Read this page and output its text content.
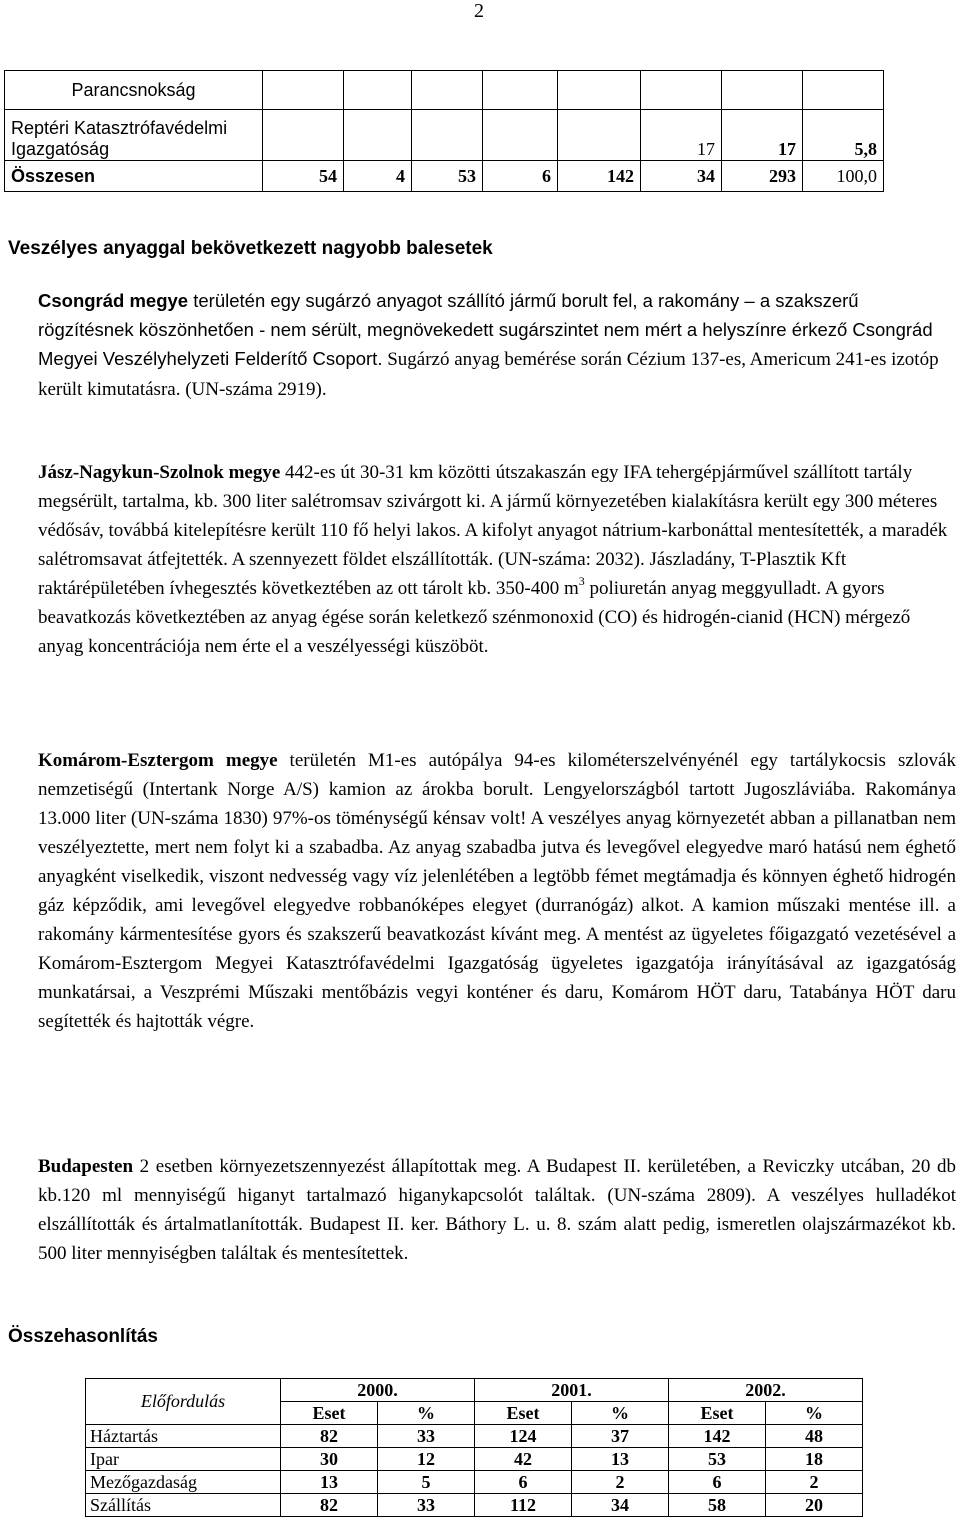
2
Parancsnokság								
Reptéri Katasztrófavédelmi Igazgatóság						17	17	5,8
Összesen	54	4	53	6	142	34	293	100,0
Veszélyes anyaggal bekövetkezett nagyobb balesetek
Csongrád megye területén egy sugárzó anyagot szállító jármű borult fel, a rakomány – a szakszerű rögzítésnek köszönhetően - nem sérült, megnövekedett sugárszintet nem mért a helyszínre érkező Csongrád Megyei Veszélyhelyzeti Felderítő Csoport. Sugárzó anyag bemérése során Cézium 137-es, Americum 241-es izotóp került kimutatásra. (UN-száma 2919).
Jász-Nagykun-Szolnok megye 442-es út 30-31 km közötti útszakaszán egy IFA tehergépjárművel szállított tartály megsérült, tartalma, kb. 300 liter salétromsav szivárgott ki. A jármű környezetében kialakításra került egy 300 méteres védősáv, továbbá kitelepítésre került 110 fő helyi lakos. A kifolyt anyagot nátrium-karbonáttal mentesítették, a maradék salétromsavat átfejtették. A szennyezett földet elszállították. (UN-száma: 2032). Jászladány, T-Plasztik Kft raktárépületében ívhegesztés következtében az ott tárolt kb. 350-400 $m^3$ poliuretán anyag meggyulladt. A gyors beavatkozás következtében az anyag égése során keletkező szénmonoxid (CO) és hidrogén-cianid (HCN) mérgező anyag koncentrációja nem érte el a veszélyességi küszöböt.
Komárom-Esztergom megye területén M1-es autópálya 94-es kilométerszelvényénél egy tartálykocsis szlovák nemzetiségű (Intertank Norge A/S) kamion az árokba borult. Lengyelországból tartott Jugoszláviába. Rakománya 13.000 liter (UN-száma 1830) 97%-os töménységű kénsav volt! A veszélyes anyag környezetét abban a pillanatban nem veszélyeztette, mert nem folyt ki a szabadba. Az anyag szabadba jutva és levegővel elegyedve maró hatású nem éghető anyagként viselkedik, viszont nedvesség vagy víz jelenlétében a legtöbb fémet megtámadja és könnyen éghető hidrogén gáz képződik, ami levegővel elegyedve robbanóképes elegyet (durranógáz) alkot. A kamion műszaki mentése ill. a rakomány kármentesítése gyors és szakszerű beavatkozást kívánt meg. A mentést az ügyeletes főigazgató vezetésével a Komárom-Esztergom Megyei Katasztrófavédelmi Igazgatóság ügyeletes igazgatója irányításával az igazgatóság munkatársai, a Veszprémi Műszaki mentőbázis vegyi konténer és daru, Komárom HÖT daru, Tatabánya HÖT daru segítették és hajtották végre.
Budapesten 2 esetben környezetszennyezést állapítottak meg. A Budapest II. kerületében, a Reviczky utcában, 20 db kb.120 ml mennyiségű higanyt tartalmazó higanykapcsolót találtak. (UN-száma 2809). A veszélyes hulladékot elszállították és ártalmatlanították. Budapest II. ker. Báthory L. u. 8. szám alatt pedig, ismeretlen olajszármazékot kb. 500 liter mennyiségben találtak és mentesítettek.
Összehasonlítás
Előfordulás	2000.		2001.		2002.	
	Eset	%	Eset	%	Eset	%
Háztartás	82	33	124	37	142	48
Ipar	30	12	42	13	53	18
Mezőgazdaság	13	5	6	2	6	2
Szállítás	82	33	112	34	58	20
